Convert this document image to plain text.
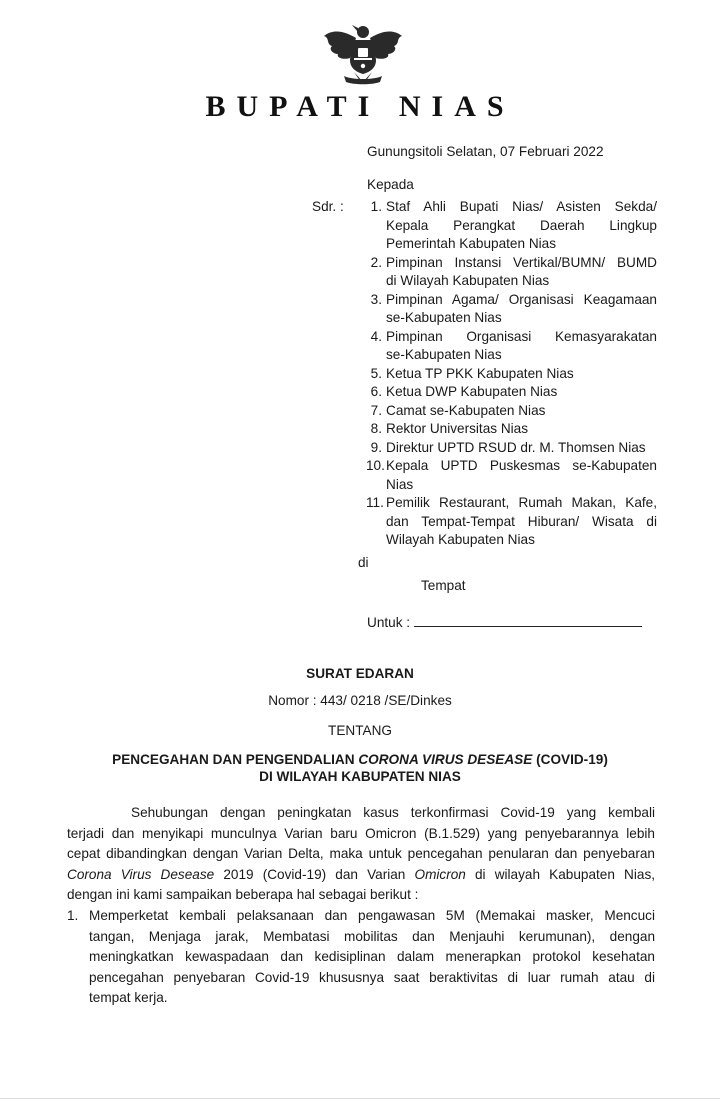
BUPATI NIAS
Gunungsitoli Selatan, 07 Februari 2022
Kepada
Sdr. :	1. Staf Ahli Bupati Nias/ Asisten Sekda/
Kepala Perangkat Daerah Lingkup
Pemerintah Kabupaten Nias
2. Pimpinan Instansi Vertikal/BUMN/ BUMD
di Wilayah Kabupaten Nias
3. Pimpinan Agama/ Organisasi Keagamaan
se-Kabupaten Nias
4. Pimpinan Organisasi Kemasyarakatan
se-Kabupaten Nias
5. Ketua TP PKK Kabupaten Nias
6. Ketua DWP Kabupaten Nias
7. Camat se-Kabupaten Nias
8. Rektor Universitas Nias
9. Direktur UPTD RSUD dr. M. Thomsen Nias
10. Kepala UPTD Puskesmas se-Kabupaten
Nias
11. Pemilik Restaurant, Rumah Makan, Kafe,
dan Tempat-Tempat Hiburan/ Wisata di
Wilayah Kabupaten Nias
di
Tempat
Untuk :
SURAT EDARAN
Nomor : 443/ 0218 /SE/Dinkes
TENTANG
PENCEGAHAN DAN PENGENDALIAN CORONA VIRUS DESEASE (COVID-19)
DI WILAYAH KABUPATEN NIAS
Sehubungan dengan peningkatan kasus terkonfirmasi Covid-19 yang kembali
terjadi dan menyikapi munculnya Varian baru Omicron (B.1.529) yang penyebarannya lebih
cepat dibandingkan dengan Varian Delta, maka untuk pencegahan penularan dan penyebaran
Corona Virus Desease 2019 (Covid-19) dan Varian Omicron di wilayah Kabupaten Nias,
dengan ini kami sampaikan beberapa hal sebagai berikut :
1. Memperketat kembali pelaksanaan dan pengawasan 5M (Memakai masker, Mencuci
tangan, Menjaga jarak, Membatasi mobilitas dan Menjauhi kerumunan), dengan
meningkatkan kewaspadaan dan kedisiplinan dalam menerapkan protokol kesehatan
pencegahan penyebaran Covid-19 khususnya saat beraktivitas di luar rumah atau di
tempat kerja.
